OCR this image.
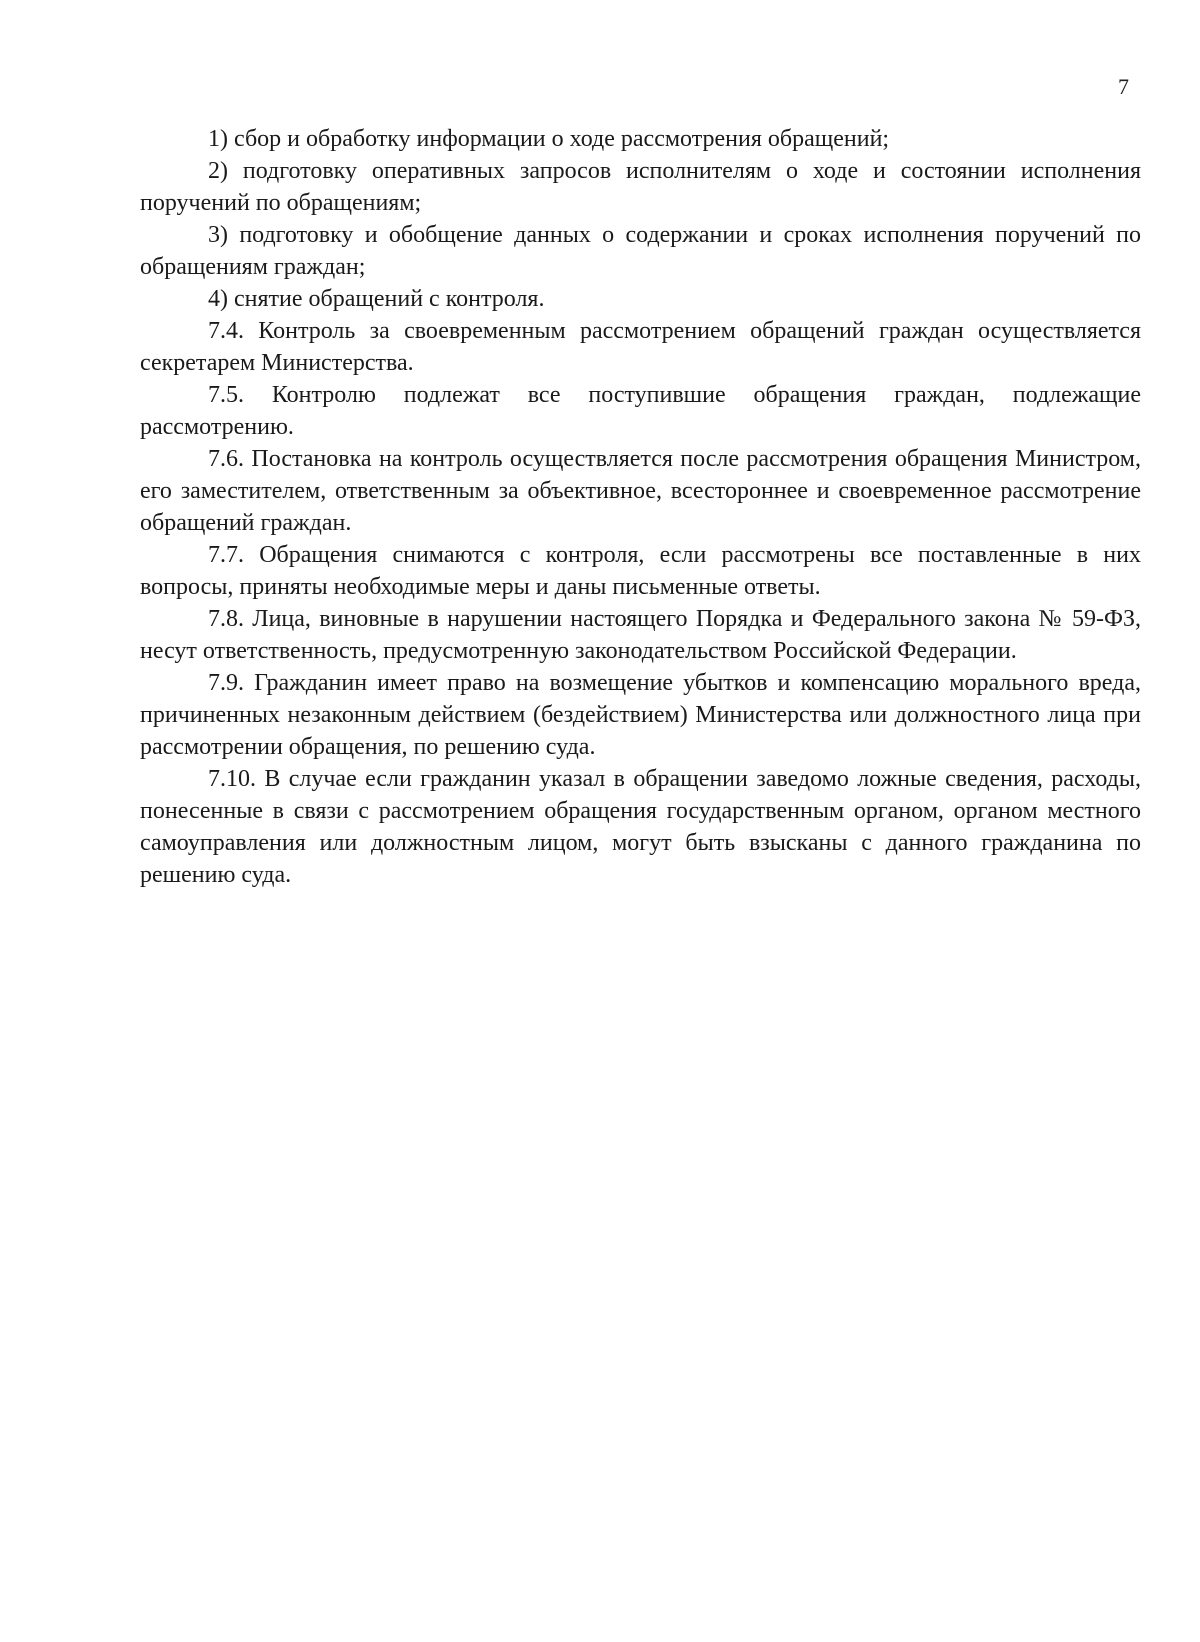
7

1) сбор и обработку информации о ходе рассмотрения обращений;

2) подготовку оперативных запросов исполнителям о ходе и состоянии исполнения поручений по обращениям;

3) подготовку и обобщение данных о содержании и сроках исполнения поручений по обращениям граждан;

4) снятие обращений с контроля.

7.4. Контроль за своевременным рассмотрением обращений граждан осуществляется секретарем Министерства.

7.5. Контролю подлежат все поступившие обращения граждан, подлежащие рассмотрению.

7.6. Постановка на контроль осуществляется после рассмотрения обращения Министром, его заместителем, ответственным за объективное, всестороннее и своевременное рассмотрение обращений граждан.

7.7. Обращения снимаются с контроля, если рассмотрены все поставленные в них вопросы, приняты необходимые меры и даны письменные ответы.

7.8. Лица, виновные в нарушении настоящего Порядка и Федерального закона № 59-ФЗ, несут ответственность, предусмотренную законодательством Российской Федерации.

7.9. Гражданин имеет право на возмещение убытков и компенсацию морального вреда, причиненных незаконным действием (бездействием) Министерства или должностного лица при рассмотрении обращения, по решению суда.

7.10. В случае если гражданин указал в обращении заведомо ложные сведения, расходы, понесенные в связи с рассмотрением обращения государственным органом, органом местного самоуправления или должностным лицом, могут быть взысканы с данного гражданина по решению суда.
